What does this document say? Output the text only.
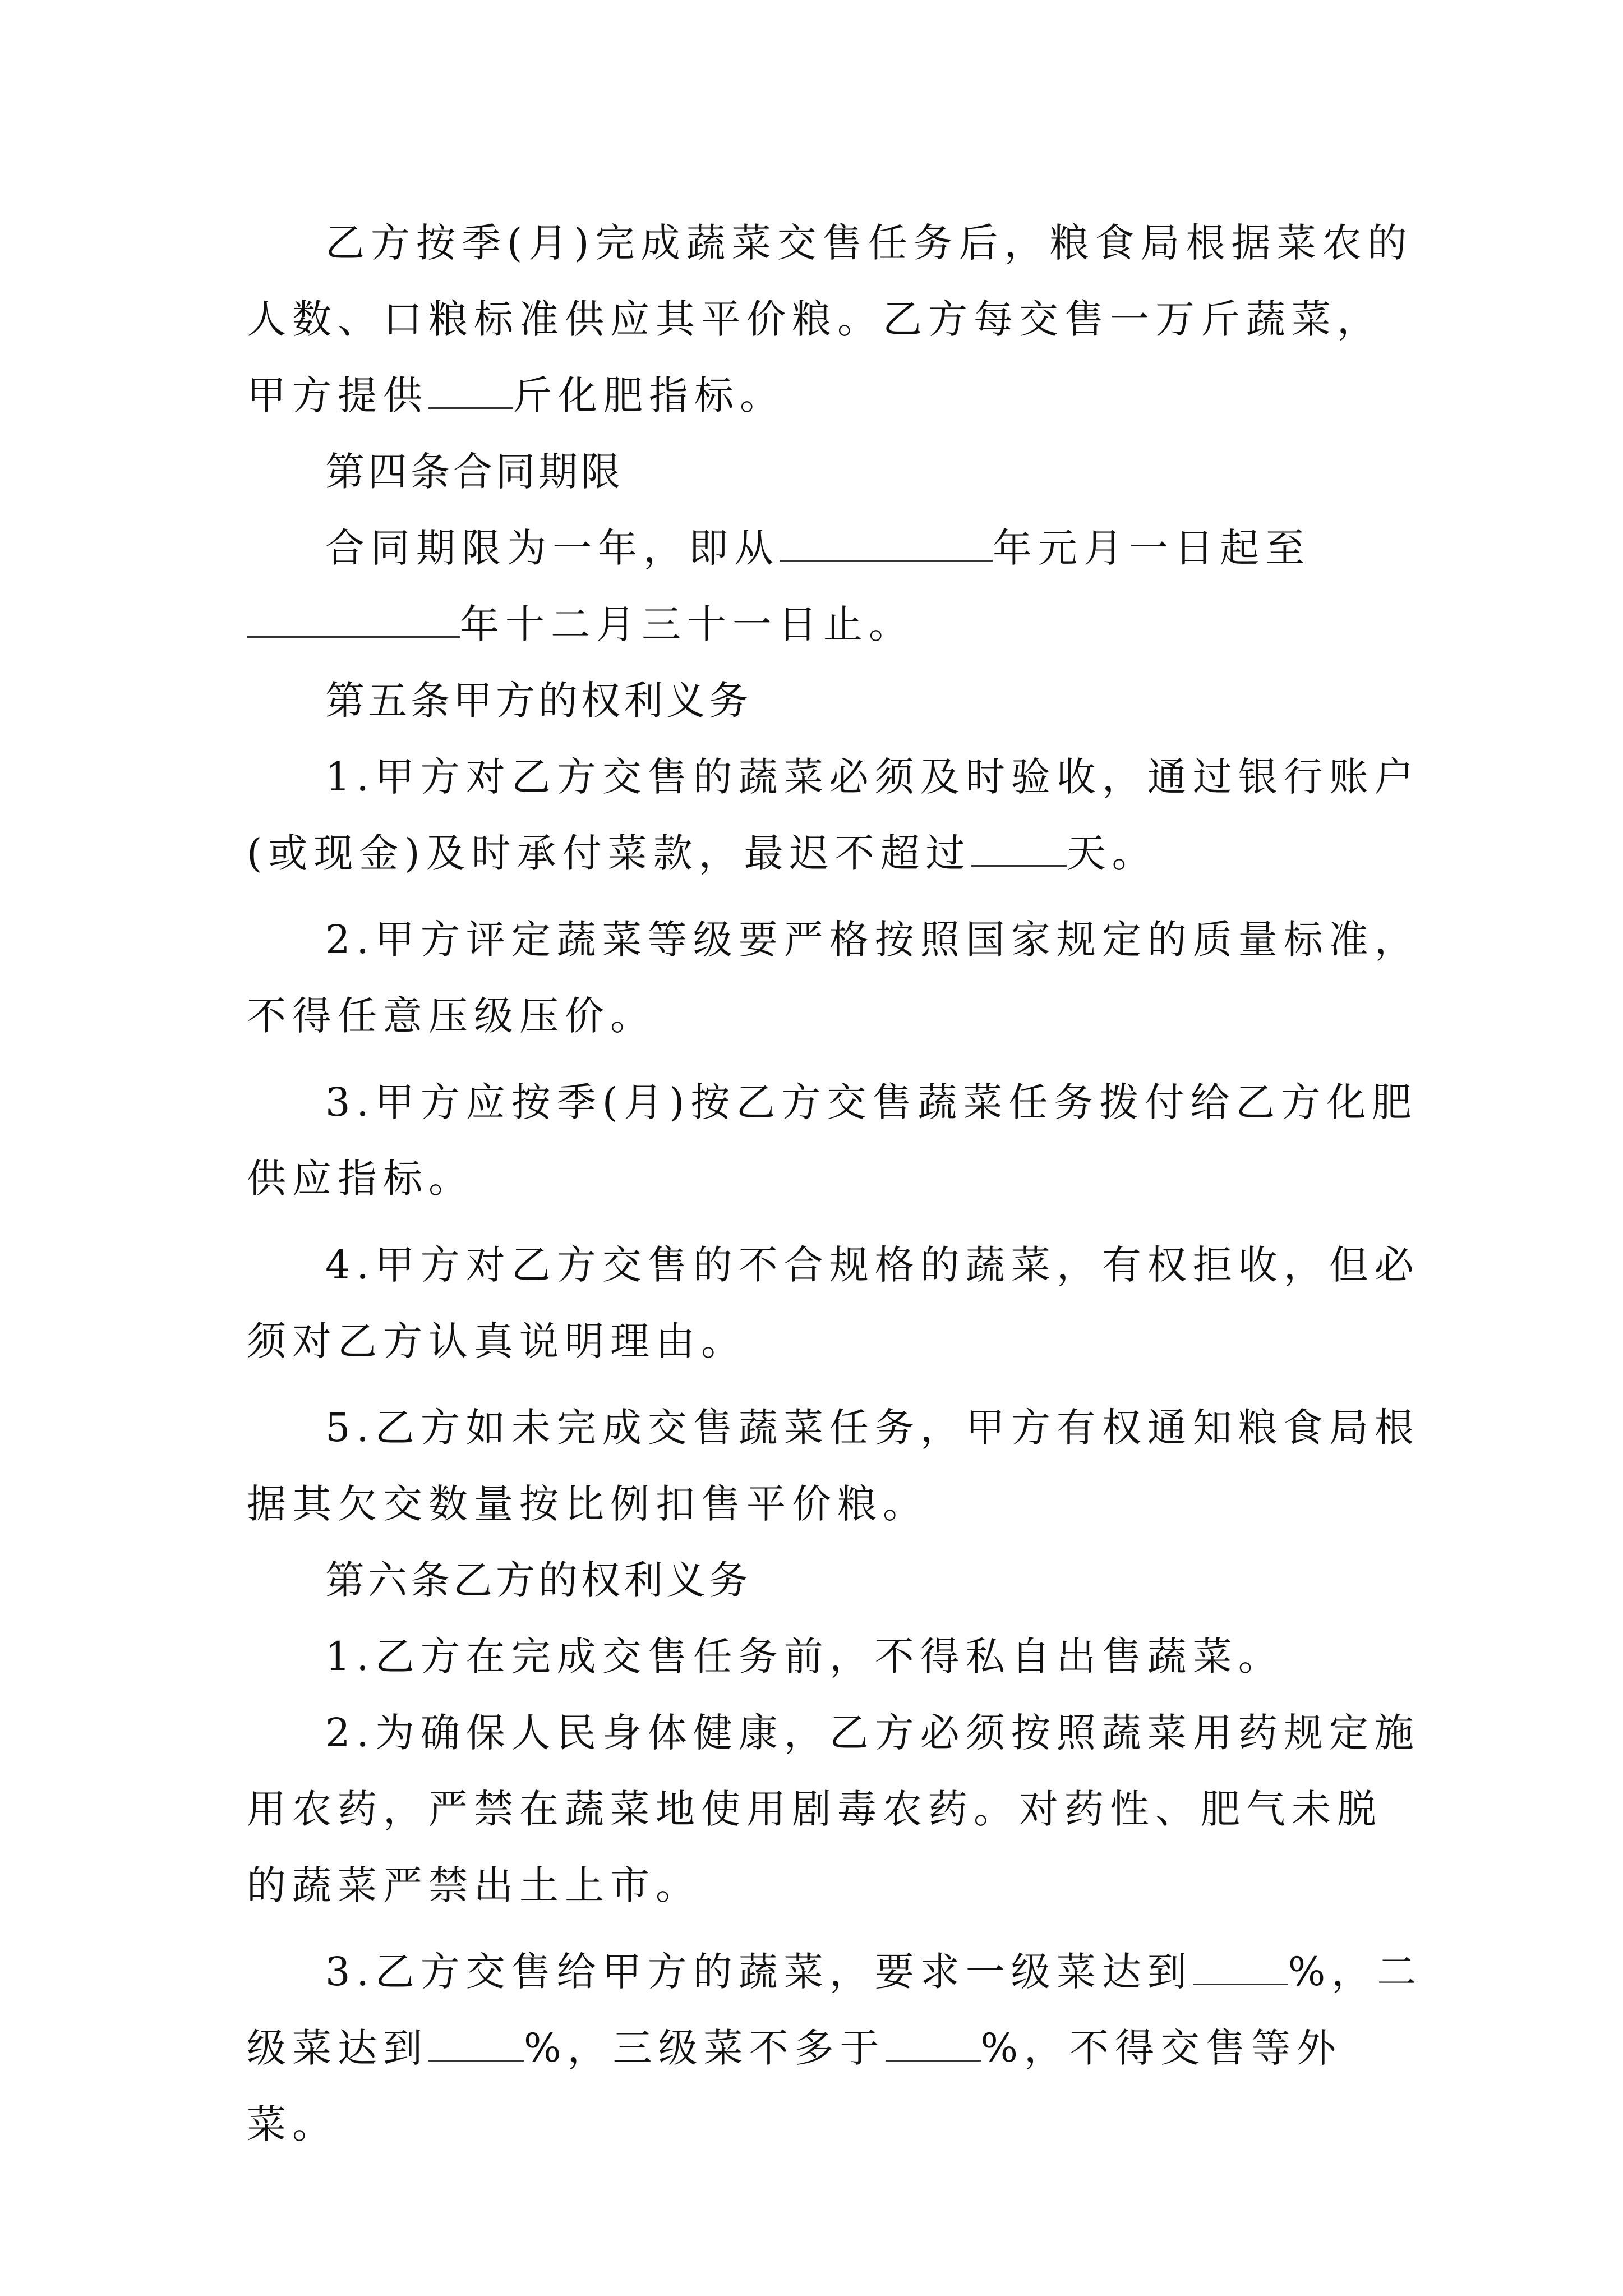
乙方按季(月)完成蔬菜交售任务后，粮食局根据菜农的人数、口粮标准供应其平价粮。乙方每交售一万斤蔬菜，甲方提供 斤化肥指标。

第四条合同期限

合同期限为一年，即从	年元月一日起至年十二月三十一日止。

第五条甲方的权利义务

1.甲方对乙方交售的蔬菜必须及时验收，通过银行账户(或现金)及时承付菜款，最迟不超过 天。

2.甲方评定蔬菜等级要严格按照国家规定的质量标准，不得任意压级压价。

3.甲方应按季(月)按乙方交售蔬菜任务拨付给乙方化肥供应指标。

4.甲方对乙方交售的不合规格的蔬菜，有权拒收，但必须对乙方认真说明理由。

5.乙方如未完成交售蔬菜任务，甲方有权通知粮食局根据其欠交数量按比例扣售平价粮。

第六条乙方的权利义务

1.乙方在完成交售任务前，不得私自出售蔬菜。

2.为确保人民身体健康，乙方必须按照蔬菜用药规定施用农药，严禁在蔬菜地使用剧毒农药。对药性、肥气未脱的蔬菜严禁出土上市。

3.乙方交售给甲方的蔬菜，要求一级菜达到 %，二级菜达到 %，三级菜不多于 %，不得交售等外菜。
